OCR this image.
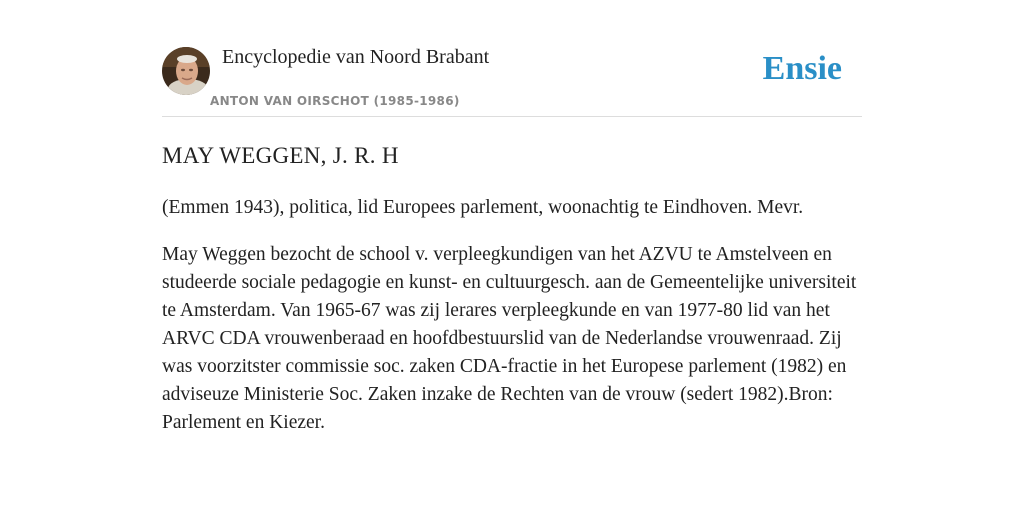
Encyclopedie van Noord Brabant
ANTON VAN OIRSCHOT (1985-1986)
Ensie
MAY WEGGEN, J. R. H

(Emmen 1943), politica, lid Europees parlement, woonachtig te Eindhoven. Mevr.

May Weggen bezocht de school v. verpleegkundigen van het AZVU te Amstelveen en studeerde sociale pedagogie en kunst- en cultuurgesch. aan de Gemeentelijke universiteit te Amsterdam. Van 1965-67 was zij lerares verpleegkunde en van 1977-80 lid van het ARVC CDA vrouwenberaad en hoofdbestuurslid van de Nederlandse vrouwenraad. Zij was voorzitster commissie soc. zaken CDA-fractie in het Europese parlement (1982) en adviseuze Ministerie Soc. Zaken inzake de Rechten van de vrouw (sedert 1982).Bron: Parlement en Kiezer.
